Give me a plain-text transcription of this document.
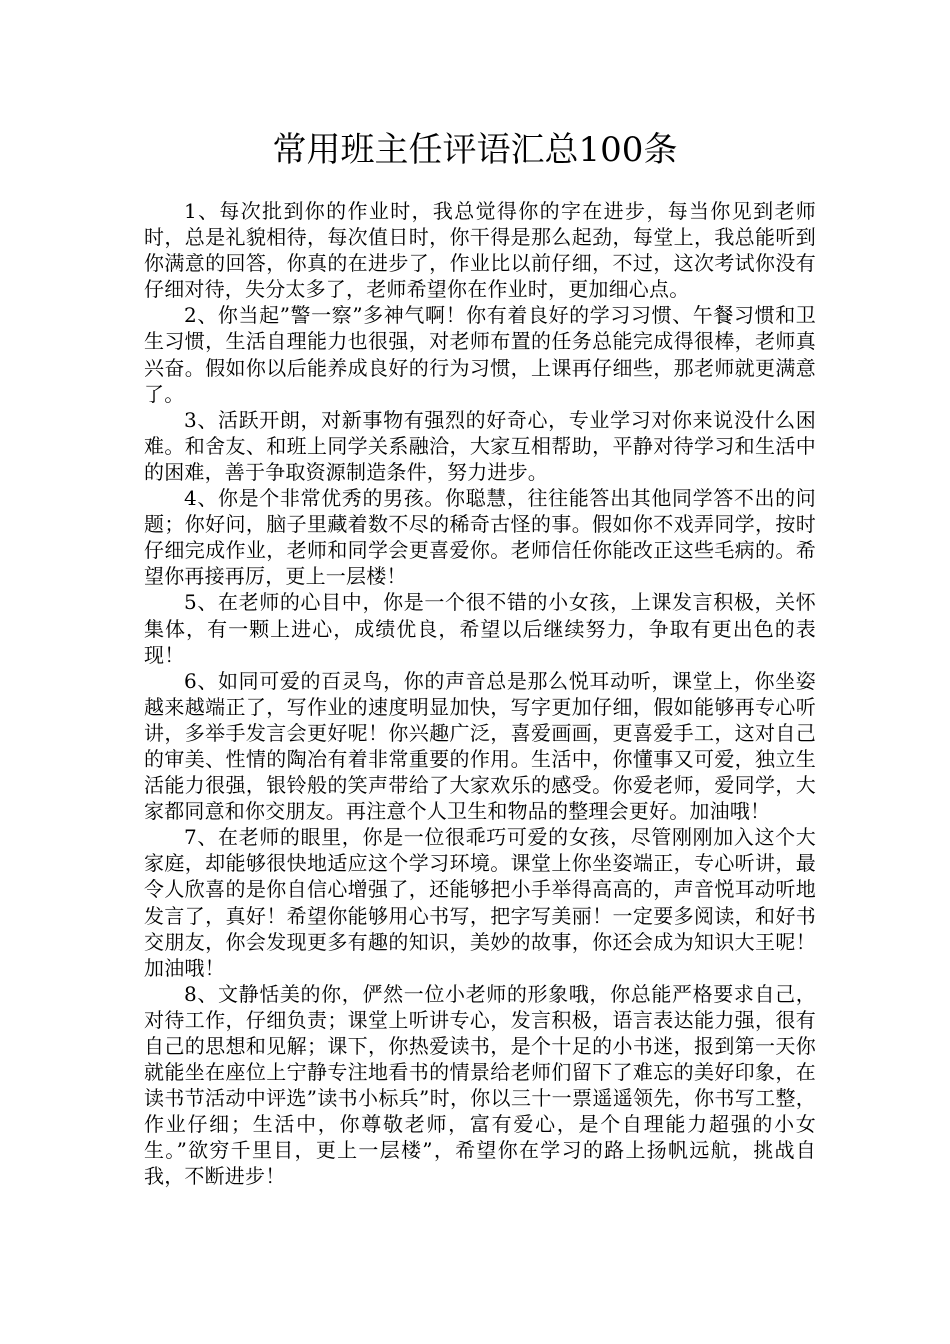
常用班主任评语汇总100条

1、每次批到你的作业时，我总觉得你的字在进步，每当你见到老师时，总是礼貌相待，每次值日时，你干得是那么起劲，每堂上，我总能听到你满意的回答，你真的在进步了，作业比以前仔细，不过，这次考试你没有仔细对待，失分太多了，老师希望你在作业时，更加细心点。

2、你当起”警一察”多神气啊！你有着良好的学习习惯、午餐习惯和卫生习惯，生活自理能力也很强，对老师布置的任务总能完成得很棒，老师真兴奋。假如你以后能养成良好的行为习惯，上课再仔细些，那老师就更满意了。

3、活跃开朗，对新事物有强烈的好奇心，专业学习对你来说没什么困难。和舍友、和班上同学关系融洽，大家互相帮助，平静对待学习和生活中的困难，善于争取资源制造条件，努力进步。

4、你是个非常优秀的男孩。你聪慧，往往能答出其他同学答不出的问题；你好问，脑子里藏着数不尽的稀奇古怪的事。假如你不戏弄同学，按时仔细完成作业，老师和同学会更喜爱你。老师信任你能改正这些毛病的。希望你再接再厉，更上一层楼！

5、在老师的心目中，你是一个很不错的小女孩，上课发言积极，关怀集体，有一颗上进心，成绩优良，希望以后继续努力，争取有更出色的表现！

6、如同可爱的百灵鸟，你的声音总是那么悦耳动听，课堂上，你坐姿越来越端正了，写作业的速度明显加快，写字更加仔细，假如能够再专心听讲，多举手发言会更好呢！你兴趣广泛，喜爱画画，更喜爱手工，这对自己的审美、性情的陶冶有着非常重要的作用。生活中，你懂事又可爱，独立生活能力很强，银铃般的笑声带给了大家欢乐的感受。你爱老师，爱同学，大家都同意和你交朋友。再注意个人卫生和物品的整理会更好。加油哦！

7、在老师的眼里，你是一位很乖巧可爱的女孩，尽管刚刚加入这个大家庭，却能够很快地适应这个学习环境。课堂上你坐姿端正，专心听讲，最令人欣喜的是你自信心增强了，还能够把小手举得高高的，声音悦耳动听地发言了，真好！希望你能够用心书写，把字写美丽！一定要多阅读，和好书交朋友，你会发现更多有趣的知识，美妙的故事，你还会成为知识大王呢！加油哦！

8、文静恬美的你，俨然一位小老师的形象哦，你总能严格要求自己，对待工作，仔细负责；课堂上听讲专心，发言积极，语言表达能力强，很有自己的思想和见解；课下，你热爱读书，是个十足的小书迷，报到第一天你就能坐在座位上宁静专注地看书的情景给老师们留下了难忘的美好印象，在读书节活动中评选”读书小标兵”时，你以三十一票遥遥领先，你书写工整，作业仔细；生活中，你尊敬老师，富有爱心，是个自理能力超强的小女生。”欲穷千里目，更上一层楼”，希望你在学习的路上扬帆远航，挑战自我，不断进步！
